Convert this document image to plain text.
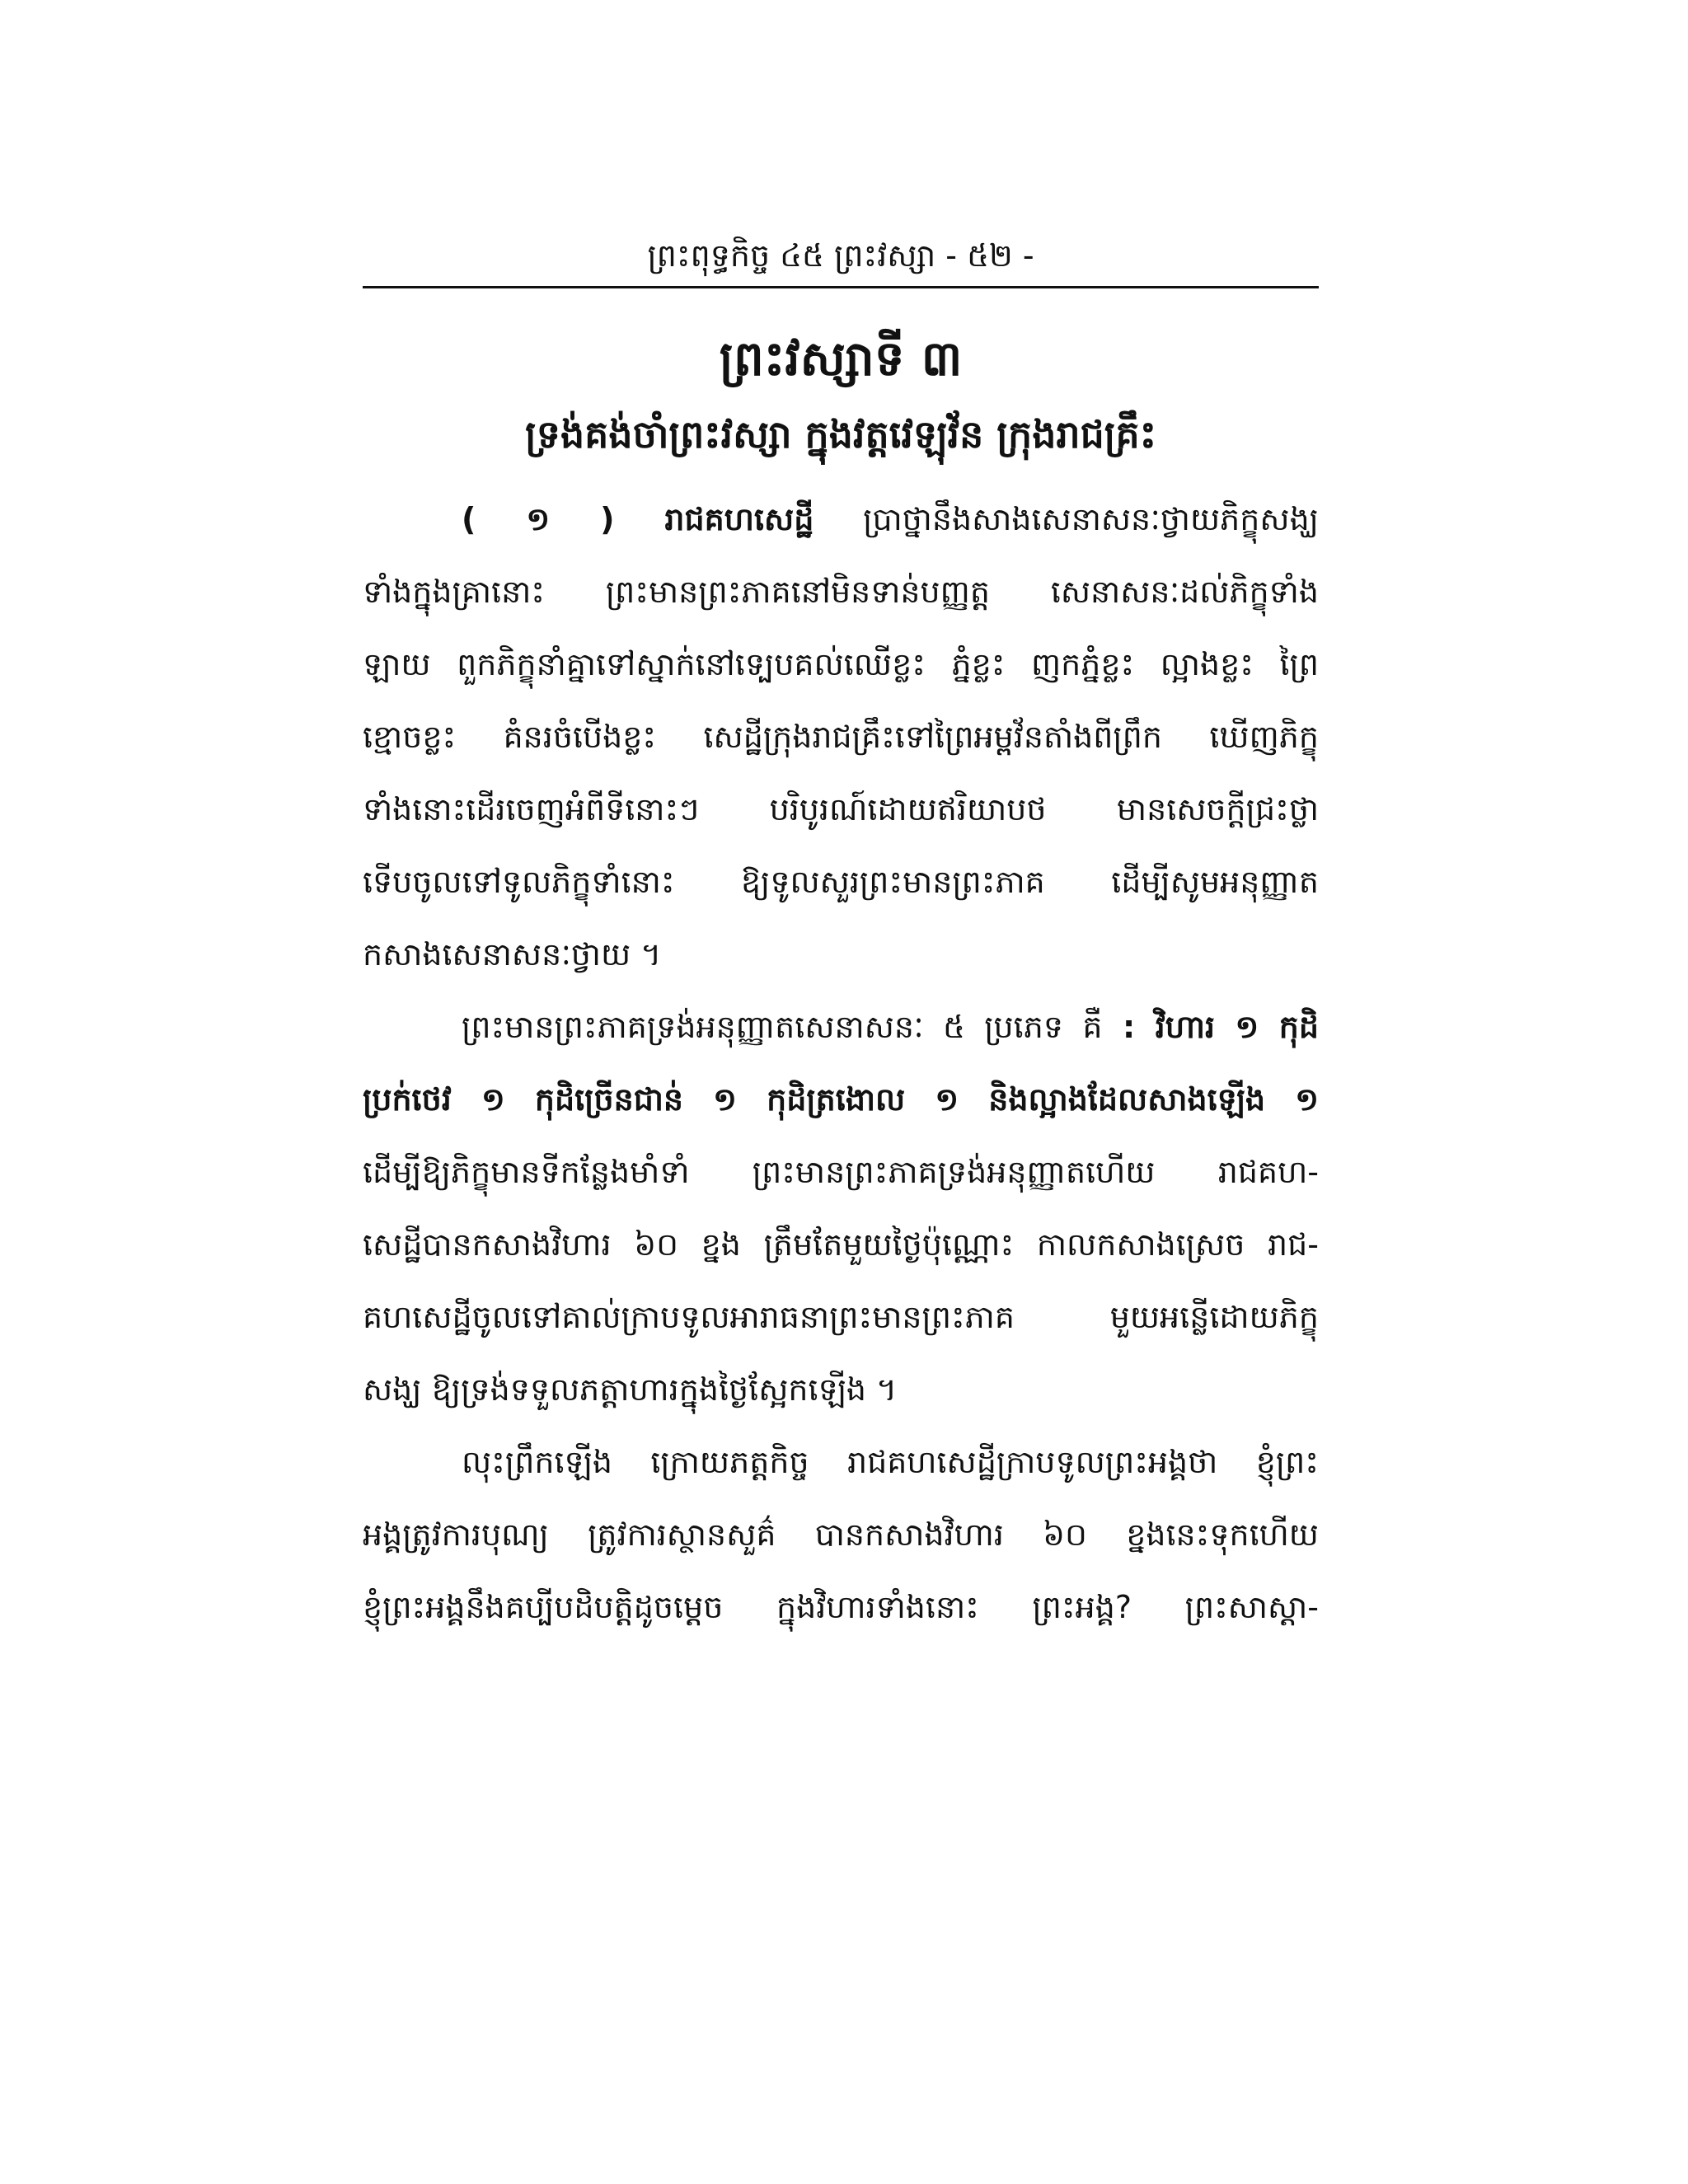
ព្រះពុទ្ធកិច្ច ៤៥ ព្រះវស្សា - ៥២ -
ព្រះវស្សាទី ៣
ទ្រង់គង់ចាំព្រះវស្សា ក្នុងវត្តវេឡុវ័ន ក្រុងរាជគ្រឹះ
( ១ ) រាជគហសេដ្ឋី ប្រាថ្នានឹងសាងសេនាសនៈថ្វាយភិក្ខុសង្ឃ
ទាំងក្នុងគ្រានោះ ព្រះមានព្រះភាគនៅមិនទាន់បញ្ញត្ត សេនាសនៈដល់ភិក្ខុទាំង
ឡាយ ពួកភិក្ខុនាំគ្នាទៅស្នាក់នៅទ្បេបគល់ឈើខ្លះ ភ្នំខ្លះ ញកភ្នំខ្លះ ល្អាងខ្លះ ព្រៃ
ខ្មោចខ្លះ គំនរចំបើងខ្លះ សេដ្ឋីក្រុងរាជគ្រឹះទៅព្រៃអម្ពវ័នតាំងពីព្រឹក ឃើញភិក្ខុ
ទាំងនោះដើរចេញអំពីទីនោះៗ បរិបូរណ៍ដោយឥរិយាបថ មានសេចក្តីជ្រះថ្លា
ទើបចូលទៅទូលភិក្ខុទាំនោះ ឱ្យទូលសួរព្រះមានព្រះភាគ ដើម្បីសូមអនុញ្ញាត
កសាងសេនាសនៈថ្វាយ ។
ព្រះមានព្រះភាគទ្រង់អនុញ្ញាតសេនាសនៈ ៥ ប្រភេទ គឺ : វិហារ ១ កុដិ
ប្រក់ថេវ ១ កុដិច្រើនជាន់ ១ កុដិត្រងោល ១ និងល្អាងដែលសាងឡើង ១
ដើម្បីឱ្យភិក្ខុមានទីកន្លែងមាំទាំ ព្រះមានព្រះភាគទ្រង់អនុញ្ញាតហើយ រាជគហ-
សេដ្ឋីបានកសាងវិហារ ៦០ ខ្នង ត្រឹមតែមួយថ្ងៃប៉ុណ្ណោះ កាលកសាងស្រេច រាជ-
គហសេដ្ឋីចូលទៅគាល់ក្រាបទូលអារាធនាព្រះមានព្រះភាគ មួយអន្លើដោយភិក្ខុ
សង្ឃ ឱ្យទ្រង់ទទួលភត្តាហារក្នុងថ្ងៃស្អែកឡើង ។
លុះព្រឹកឡើង ក្រោយភត្តកិច្ច រាជគហសេដ្ឋីក្រាបទូលព្រះអង្គថា ខ្ញុំព្រះ
អង្គត្រូវការបុណ្យ ត្រូវការស្ថានសួគ៌ បានកសាងវិហារ ៦០ ខ្នងនេះទុកហើយ
ខ្ញុំព្រះអង្គនឹងគប្បីបដិបត្តិដូចម្តេច ក្នុងវិហារទាំងនោះ ព្រះអង្គ? ព្រះសាស្តា-
